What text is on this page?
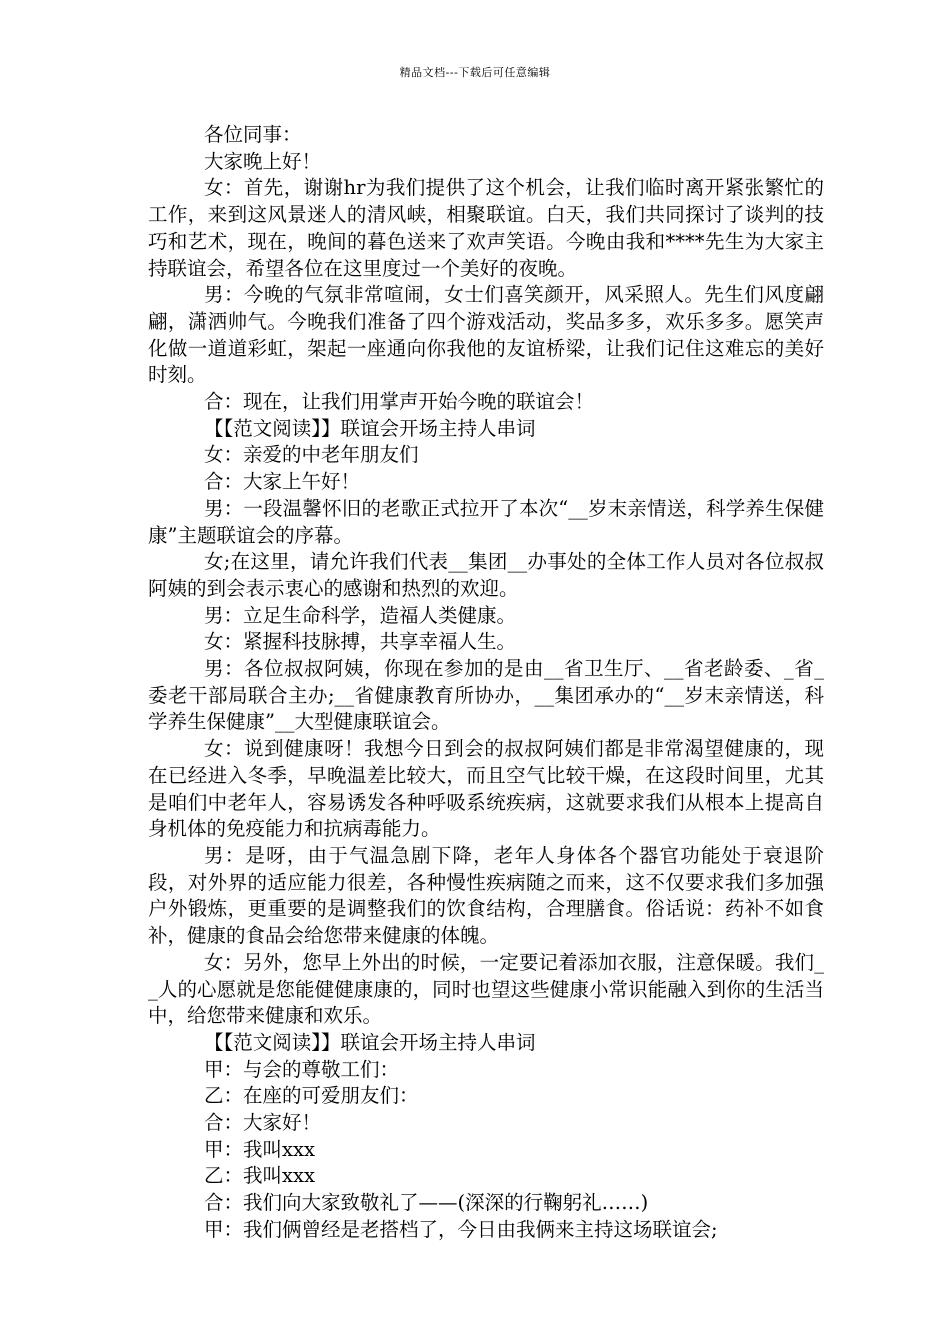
精品文档---下载后可任意编辑

各位同事：

大家晚上好！

女：首先，谢谢hr为我们提供了这个机会，让我们临时离开紧张繁忙的工作，来到这风景迷人的清风峡，相聚联谊。白天，我们共同探讨了谈判的技巧和艺术，现在，晚间的暮色送来了欢声笑语。今晚由我和****先生为大家主持联谊会，希望各位在这里度过一个美好的夜晚。

男：今晚的气氛非常喧闹，女士们喜笑颜开，风采照人。先生们风度翩翩，潇洒帅气。今晚我们准备了四个游戏活动，奖品多多，欢乐多多。愿笑声化做一道道彩虹，架起一座通向你我他的友谊桥梁，让我们记住这难忘的美好时刻。

合：现在，让我们用掌声开始今晚的联谊会！

【【范文阅读】】联谊会开场主持人串词

女：亲爱的中老年朋友们

合：大家上午好！

男：一段温馨怀旧的老歌正式拉开了本次“__岁末亲情送，科学养生保健康”主题联谊会的序幕。

女;在这里，请允许我们代表__集团__办事处的全体工作人员对各位叔叔阿姨的到会表示衷心的感谢和热烈的欢迎。

男：立足生命科学，造福人类健康。

女：紧握科技脉搏，共享幸福人生。

男：各位叔叔阿姨，你现在参加的是由__省卫生厅、__省老龄委、_省_委老干部局联合主办;__省健康教育所协办，__集团承办的“__岁末亲情送，科学养生保健康”__大型健康联谊会。

女：说到健康呀！我想今日到会的叔叔阿姨们都是非常渴望健康的，现在已经进入冬季，早晚温差比较大，而且空气比较干燥，在这段时间里，尤其是咱们中老年人，容易诱发各种呼吸系统疾病，这就要求我们从根本上提高自身机体的免疫能力和抗病毒能力。

男：是呀，由于气温急剧下降，老年人身体各个器官功能处于衰退阶段，对外界的适应能力很差，各种慢性疾病随之而来，这不仅要求我们多加强户外锻炼，更重要的是调整我们的饮食结构，合理膳食。俗话说：药补不如食补，健康的食品会给您带来健康的体魄。

女：另外，您早上外出的时候，一定要记着添加衣服，注意保暖。我们__人的心愿就是您能健健康康的，同时也望这些健康小常识能融入到你的生活当中，给您带来健康和欢乐。

【【范文阅读】】联谊会开场主持人串词

甲：与会的尊敬工们：

乙：在座的可爱朋友们：

合：大家好！

甲：我叫xxx

乙：我叫xxx

合：我们向大家致敬礼了——(深深的行鞠躬礼……)

甲：我们俩曾经是老搭档了，今日由我俩来主持这场联谊会;
